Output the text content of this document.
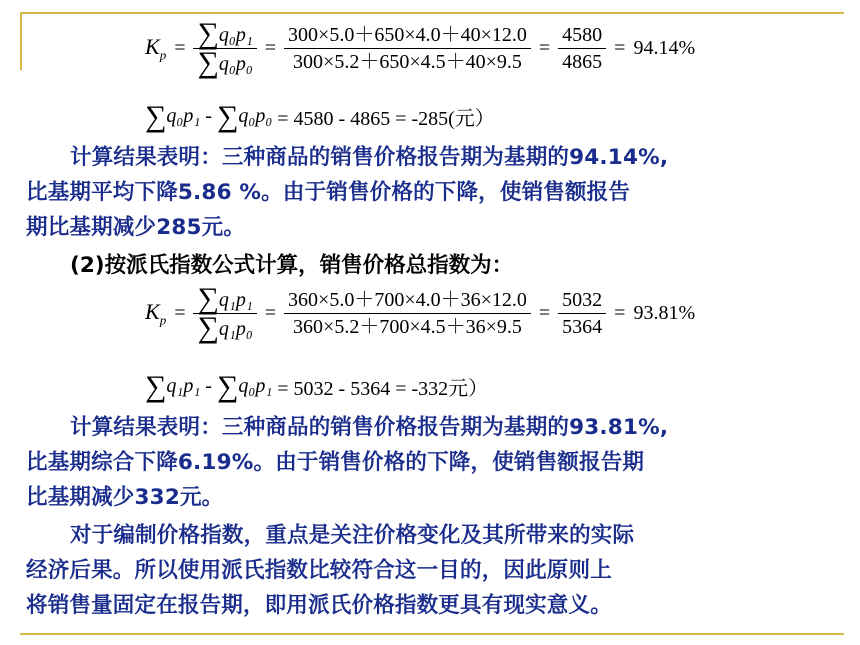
$K_p = \frac{\text{∑q₀p₁}}{\text{∑q₀p₀}} = \frac{300\times 5.0+650\times 4.0+40\times 12.0}{300\times 5.2+650\times 4.5+40\times 9.5} = \frac{4580}{4865} = 94.14\%$
∑ q₀p₁ - ∑ q₀p₀
= 4580 - 4865 = -285(元）
计算结果表明：三种商品的销售价格报告期为基期的94.14%,
比基期平均下降5.86 %。由于销售价格的下降，使销售额报告
期比基期减少285元。
(2)按派氏指数公式计算，销售价格总指数为：
$K_p = \frac{\text{∑q₁p₁}}{\text{∑q₁p₀}} = \frac{360\times 5.0+700\times 4.0+36\times 12.0}{360\times 5.2+700\times 4.5+36\times 9.5} = \frac{5032}{5364} = 93.81\%$
∑ q₁p₁ - ∑ q₀p₁
= 5032 - 5364 = -332元）
计算结果表明：三种商品的销售价格报告期为基期的93.81%,
比基期综合下降6.19%。由于销售价格的下降，使销售额报告期
比基期减少332元。
对于编制价格指数，重点是关注价格变化及其所带来的实际
经济后果。所以使用派氏指数比较符合这一目的，因此原则上
将销售量固定在报告期，即用派氏价格指数更具有现实意义。
